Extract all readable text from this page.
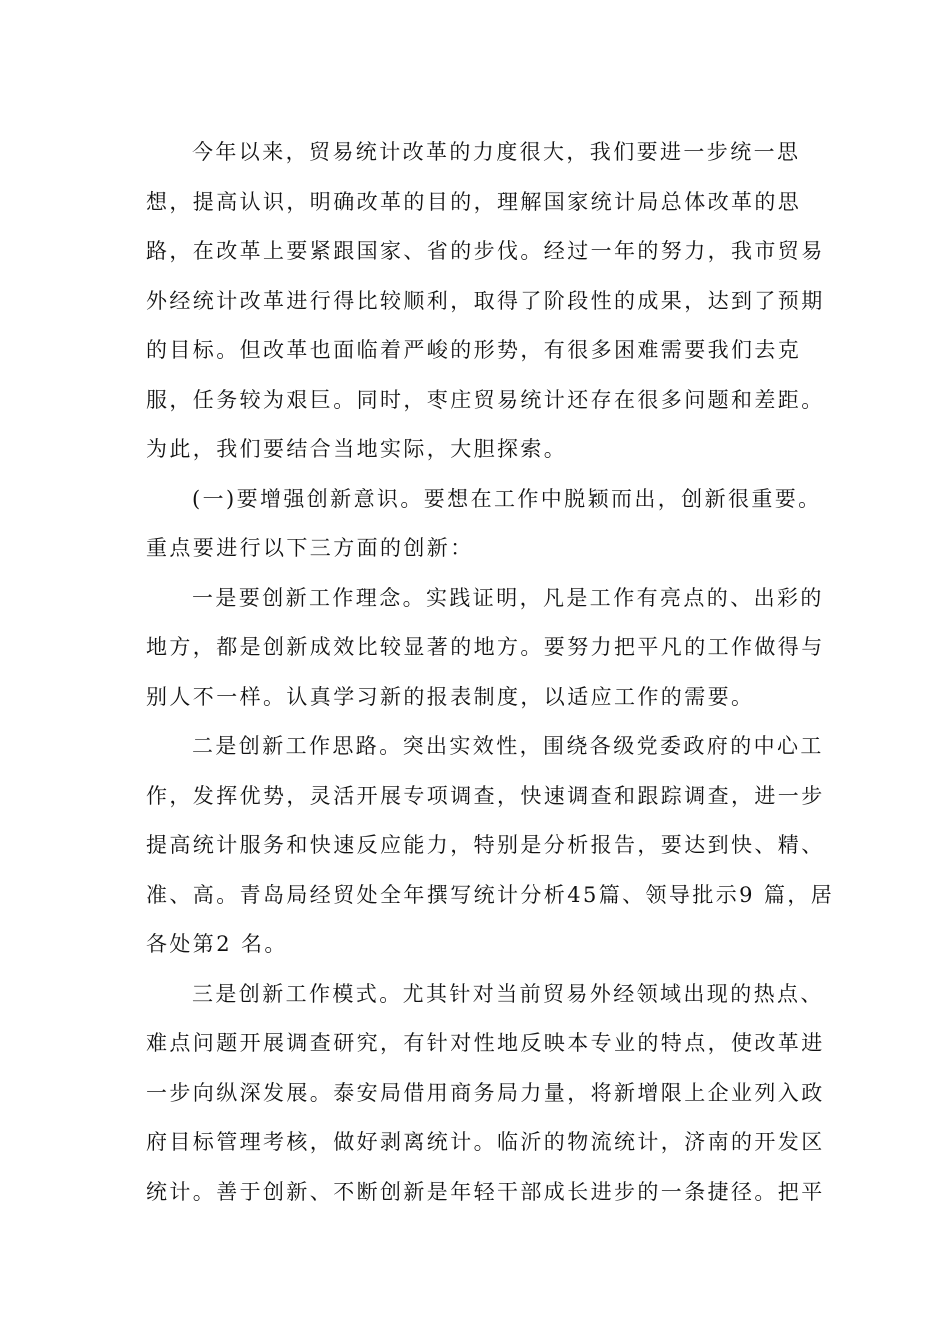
今年以来，贸易统计改革的力度很大，我们要进一步统一思
想，提高认识，明确改革的目的，理解国家统计局总体改革的思
路，在改革上要紧跟国家、省的步伐。经过一年的努力，我市贸易
外经统计改革进行得比较顺利，取得了阶段性的成果，达到了预期
的目标。但改革也面临着严峻的形势，有很多困难需要我们去克
服，任务较为艰巨。同时，枣庄贸易统计还存在很多问题和差距。
为此，我们要结合当地实际，大胆探索。
(一)要增强创新意识。要想在工作中脱颖而出，创新很重要。
重点要进行以下三方面的创新：
一是要创新工作理念。实践证明，凡是工作有亮点的、出彩的
地方，都是创新成效比较显著的地方。要努力把平凡的工作做得与
别人不一样。认真学习新的报表制度，以适应工作的需要。
二是创新工作思路。突出实效性，围绕各级党委政府的中心工
作，发挥优势，灵活开展专项调查，快速调查和跟踪调查，进一步
提高统计服务和快速反应能力，特别是分析报告，要达到快、精、
准、高。青岛局经贸处全年撰写统计分析45篇、领导批示9 篇，居
各处第2 名。
三是创新工作模式。尤其针对当前贸易外经领域出现的热点、
难点问题开展调查研究，有针对性地反映本专业的特点，使改革进
一步向纵深发展。泰安局借用商务局力量，将新增限上企业列入政
府目标管理考核，做好剥离统计。临沂的物流统计，济南的开发区
统计。善于创新、不断创新是年轻干部成长进步的一条捷径。把平
